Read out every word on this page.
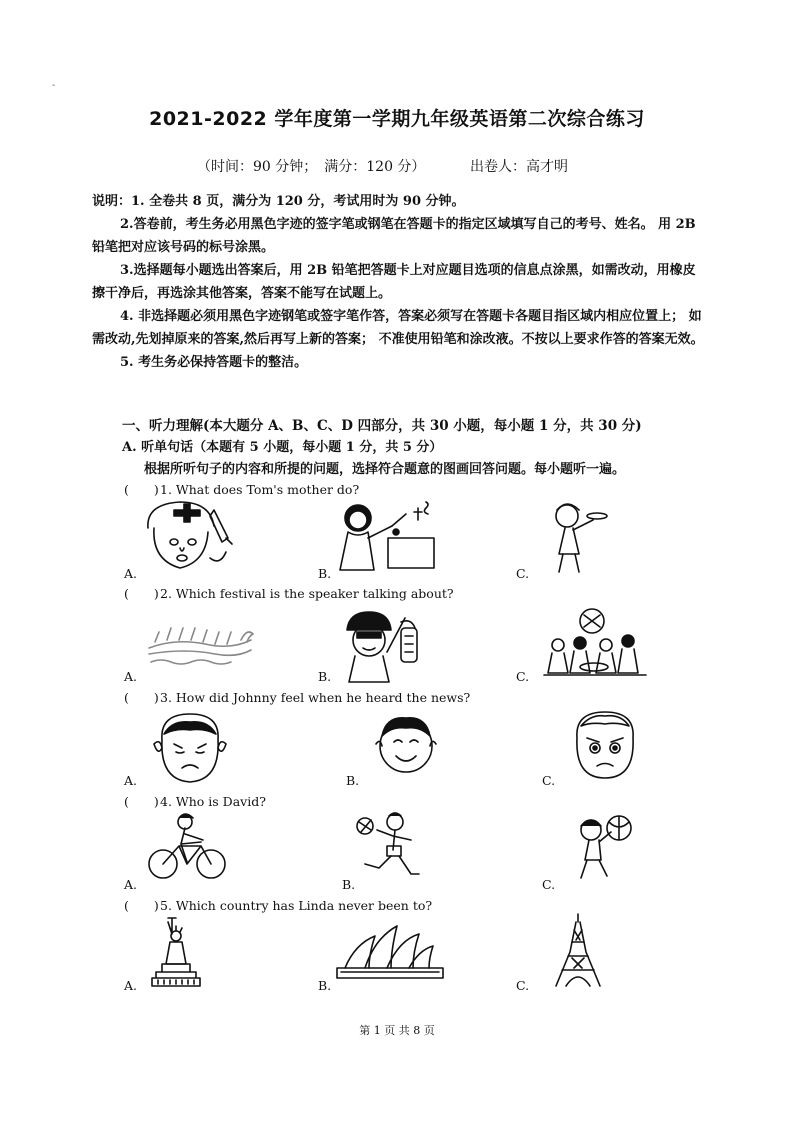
-
2021-2022 学年度第一学期九年级英语第二次综合练习
（时间：90 分钟；　满分：120 分）	出卷人：高才明

说明：1. 全卷共 8 页，满分为 120 分，考试用时为 90 分钟。

2.答卷前，考生务必用黑色字迹的签字笔或钢笔在答题卡的指定区域填写自己的考号、姓名。 用 2B 铅笔把对应该号码的标号涂黑。

3.选择题每小题选出答案后，用 2B 铅笔把答题卡上对应题目选项的信息点涂黑，如需改动，用橡皮擦干净后，再选涂其他答案，答案不能写在试题上。

4. 非选择题必须用黑色字迹钢笔或签字笔作答，答案必须写在答题卡各题目指区域内相应位置上； 如需改动,先划掉原来的答案,然后再写上新的答案； 不准使用铅笔和涂改液。不按以上要求作答的答案无效。

5. 考生务必保持答题卡的整洁。

一、听力理解(本大题分 A、B、C、D 四部分，共 30 小题，每小题 1 分，共 30 分)
A. 听单句话（本题有 5 小题，每小题 1 分，共 5 分）
根据所听句子的内容和所提的问题，选择符合题意的图画回答问题。每小题听一遍。
(　　)1. What does Tom's mother do?
A.	B.	C.
(　　)2. Which festival is the speaker talking about?
A.	B.	C.
(　　)3. How did Johnny feel when he heard the news?
A.	B.	C.
(　　)4. Who is David?
A.	B.	C.
(　　)5. Which country has Linda never been to?
A.	B.	C.
第 1 页 共 8 页
